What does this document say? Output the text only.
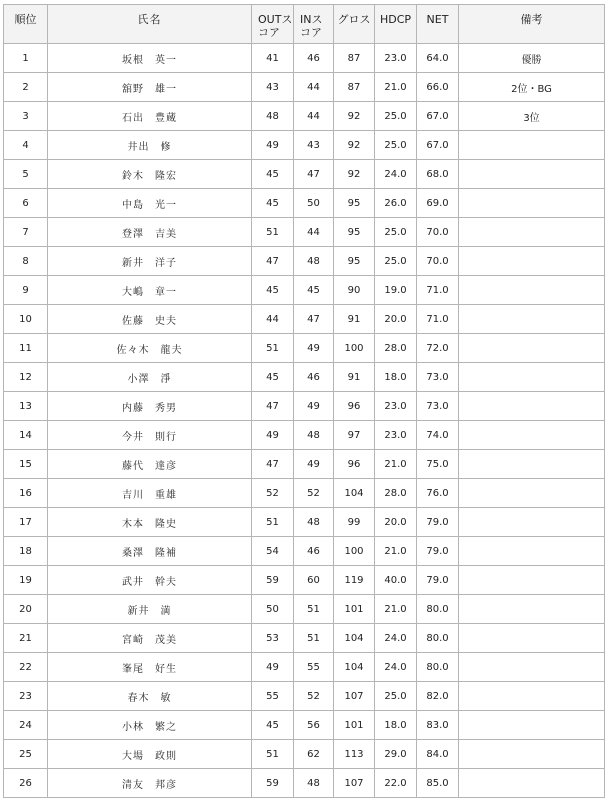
順位	氏名	OUTスコア	INスコア	グロス	HDCP	NET	備考
1	坂根　英一	41	46	87	23.0	64.0	優勝
2	舘野　雄一	43	44	87	21.0	66.0	2位・BG
3	石出　豊蔵	48	44	92	25.0	67.0	3位
4	井出　修	49	43	92	25.0	67.0	
5	鈴木　隆宏	45	47	92	24.0	68.0	
6	中島　光一	45	50	95	26.0	69.0	
7	登澤　吉美	51	44	95	25.0	70.0	
8	新井　洋子	47	48	95	25.0	70.0	
9	大嶋　章一	45	45	90	19.0	71.0	
10	佐藤　史夫	44	47	91	20.0	71.0	
11	佐々木　龍夫	51	49	100	28.0	72.0	
12	小澤　淨	45	46	91	18.0	73.0	
13	内藤　秀男	47	49	96	23.0	73.0	
14	今井　則行	49	48	97	23.0	74.0	
15	藤代　達彦	47	49	96	21.0	75.0	
16	吉川　重雄	52	52	104	28.0	76.0	
17	木本　隆史	51	48	99	20.0	79.0	
18	桑澤　隆補	54	46	100	21.0	79.0	
19	武井　幹夫	59	60	119	40.0	79.0	
20	新井　満	50	51	101	21.0	80.0	
21	宮崎　茂美	53	51	104	24.0	80.0	
22	峯尾　好生	49	55	104	24.0	80.0	
23	春木　敏	55	52	107	25.0	82.0	
24	小林　繁之	45	56	101	18.0	83.0	
25	大場　政則	51	62	113	29.0	84.0	
26	清友　邦彦	59	48	107	22.0	85.0	
